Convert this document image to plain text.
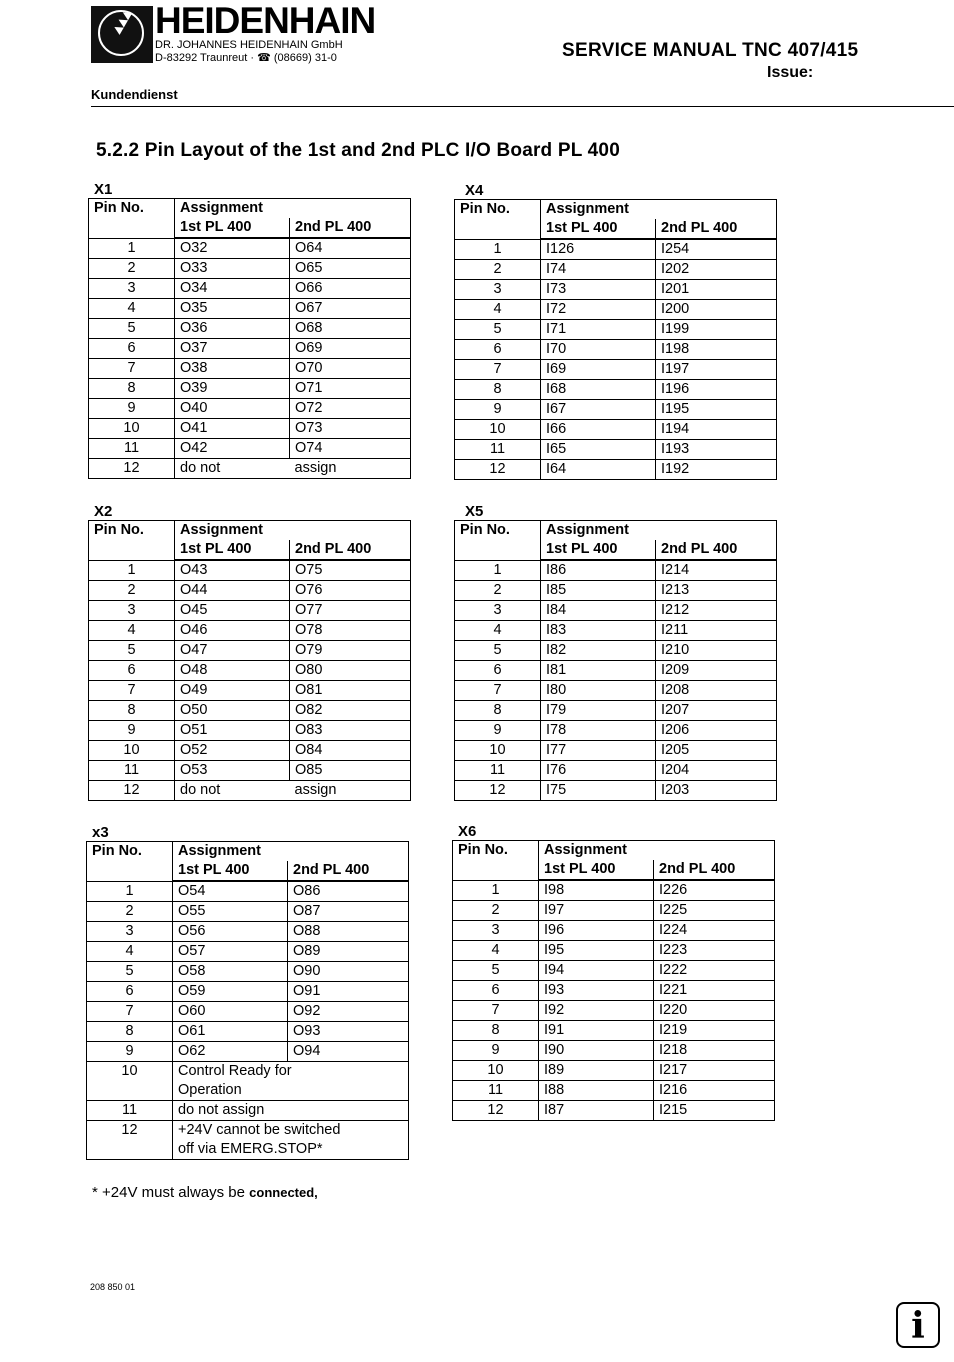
▲▲▲ HEIDENHAIN
DR. JOHANNES HEIDENHAIN GmbH
D-83292 Traunreut · ☎ (08669) 31-0	SERVICE MANUAL TNC 407/415
Issue:
Kundendienst
5.2.2 Pin Layout of the 1st and 2nd PLC I/O Board PL 400
X1
Pin No.	Assignment	
	1st PL 400	2nd PL 400
1	O32	O64
2	O33	O65
3	O34	O66
4	O35	O67
5	O36	O68
6	O37	O69
7	O38	O70
8	O39	O71
9	O40	O72
10	O41	O73
11	O42	O74
12	do not	assign
X4
Pin No.	Assignment	
	1st PL 400	2nd PL 400
1	I126	I254
2	I74	I202
3	I73	I201
4	I72	I200
5	I71	I199
6	I70	I198
7	I69	I197
8	I68	I196
9	I67	I195
10	I66	I194
11	I65	I193
12	I64	I192
X2
Pin No.	Assignment	
	1st PL 400	2nd PL 400
1	O43	O75
2	O44	O76
3	O45	O77
4	O46	O78
5	O47	O79
6	O48	O80
7	O49	O81
8	O50	O82
9	O51	O83
10	O52	O84
11	O53	O85
12	do not	assign
X5
Pin No.	Assignment	
	1st PL 400	2nd PL 400
1	I86	I214
2	I85	I213
3	I84	I212
4	I83	I211
5	I82	I210
6	I81	I209
7	I80	I208
8	I79	I207
9	I78	I206
10	I77	I205
11	I76	I204
12	I75	I203
x3
Pin No.	Assignment	
	1st PL 400	2nd PL 400
1	O54	O86
2	O55	O87
3	O56	O88
4	O57	O89
5	O58	O90
6	O59	O91
7	O60	O92
8	O61	O93
9	O62	O94
10	Control Ready for
Operation	

11	do not assign	

12	+24V cannot be switched
off via EMERG.STOP*	
X6
Pin No.	Assignment	
	1st PL 400	2nd PL 400
1	I98	I226
2	I97	I225
3	I96	I224
4	I95	I223
5	I94	I222
6	I93	I221
7	I92	I220
8	I91	I219
9	I90	I218
10	I89	I217
11	I88	I216
12	I87	I215
* +24V must always be connected,
208 850 01
i
